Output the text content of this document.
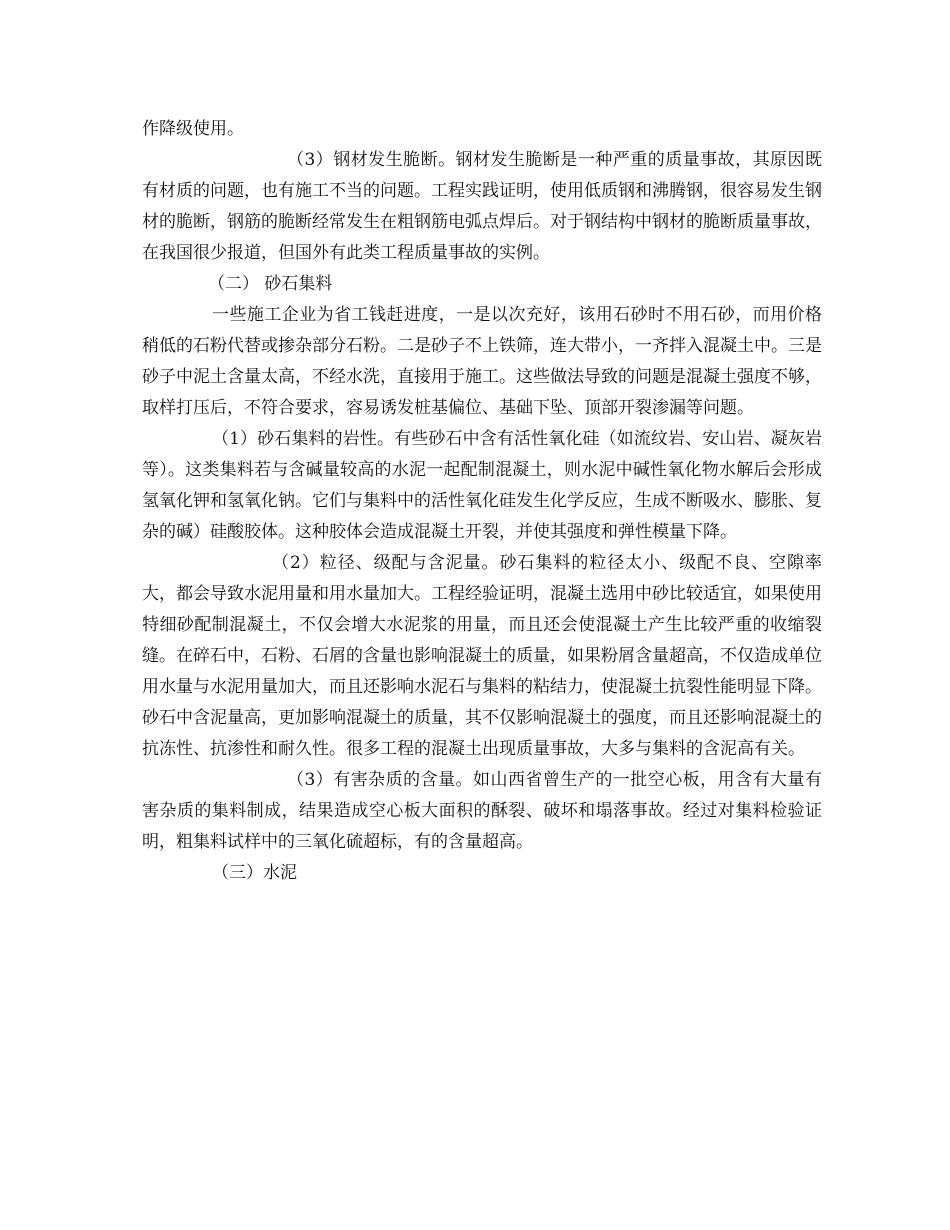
作降级使用。

（3）钢材发生脆断。钢材发生脆断是一种严重的质量事故，其原因既有材质的问题，也有施工不当的问题。工程实践证明，使用低质钢和沸腾钢，很容易发生钢材的脆断，钢筋的脆断经常发生在粗钢筋电弧点焊后。对于钢结构中钢材的脆断质量事故，在我国很少报道，但国外有此类工程质量事故的实例。

（二） 砂石集料

一些施工企业为省工钱赶进度，一是以次充好，该用石砂时不用石砂，而用价格稍低的石粉代替或掺杂部分石粉。二是砂子不上铁筛，连大带小，一齐拌入混凝土中。三是砂子中泥土含量太高，不经水洗，直接用于施工。这些做法导致的问题是混凝土强度不够，取样打压后，不符合要求，容易诱发桩基偏位、基础下坠、顶部开裂渗漏等问题。

（1）砂石集料的岩性。有些砂石中含有活性氧化硅（如流纹岩、安山岩、凝灰岩等）。这类集料若与含碱量较高的水泥一起配制混凝土，则水泥中碱性氧化物水解后会形成氢氧化钾和氢氧化钠。它们与集料中的活性氧化硅发生化学反应，生成不断吸水、膨胀、复杂的碱）硅酸胶体。这种胶体会造成混凝土开裂，并使其强度和弹性模量下降。

（2）粒径、级配与含泥量。砂石集料的粒径太小、级配不良、空隙率大，都会导致水泥用量和用水量加大。工程经验证明，混凝土选用中砂比较适宜，如果使用特细砂配制混凝土，不仅会增大水泥浆的用量，而且还会使混凝土产生比较严重的收缩裂缝。在碎石中，石粉、石屑的含量也影响混凝土的质量，如果粉屑含量超高，不仅造成单位用水量与水泥用量加大，而且还影响水泥石与集料的粘结力，使混凝土抗裂性能明显下降。砂石中含泥量高，更加影响混凝土的质量，其不仅影响混凝土的强度，而且还影响混凝土的抗冻性、抗渗性和耐久性。很多工程的混凝土出现质量事故，大多与集料的含泥高有关。

（3）有害杂质的含量。如山西省曾生产的一批空心板，用含有大量有害杂质的集料制成，结果造成空心板大面积的酥裂、破坏和塌落事故。经过对集料检验证明，粗集料试样中的三氧化硫超标，有的含量超高。

（三）水泥
